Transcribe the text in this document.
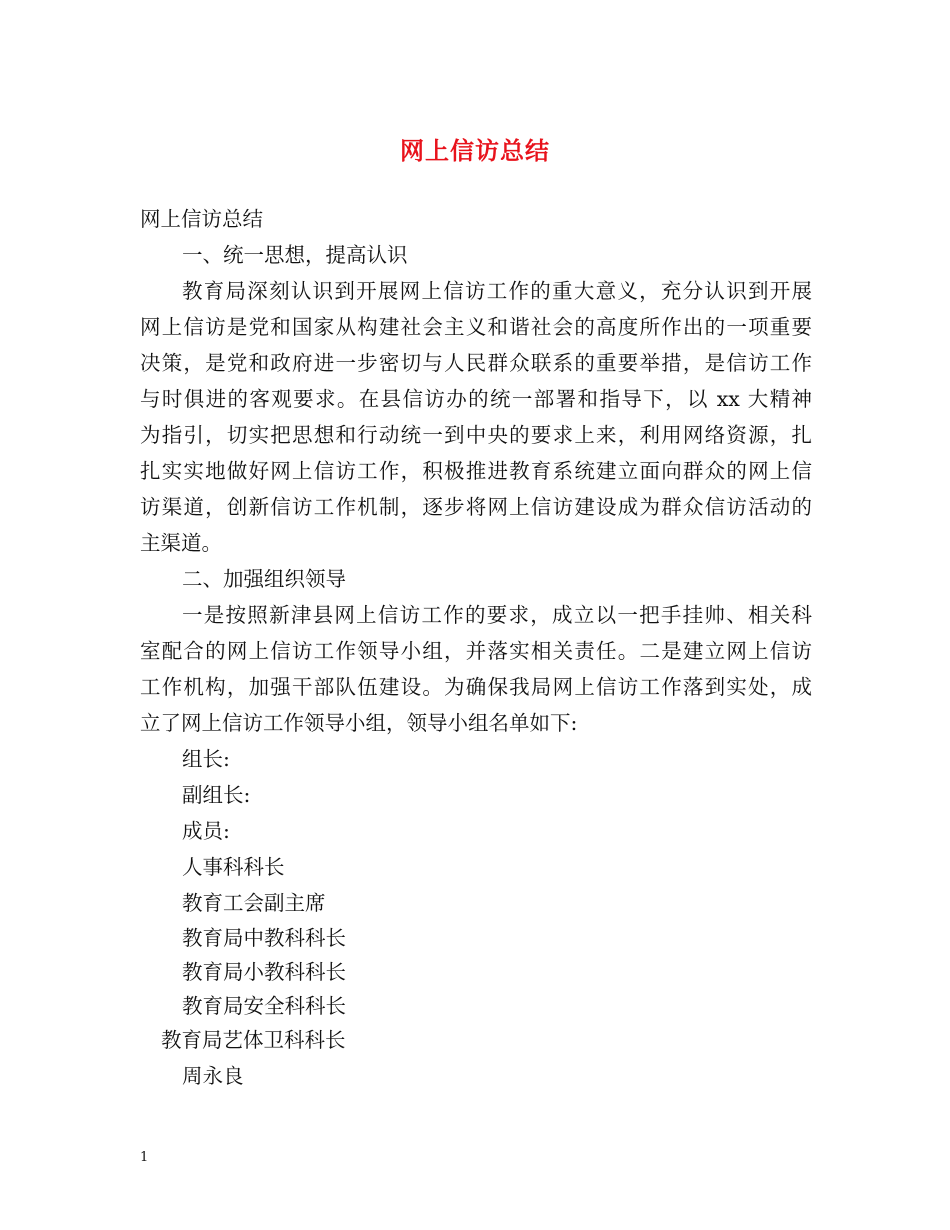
网上信访总结
网上信访总结
一、统一思想，提高认识
教育局深刻认识到开展网上信访工作的重大意义，充分认识到开展
网上信访是党和国家从构建社会主义和谐社会的高度所作出的一项重要
决策，是党和政府进一步密切与人民群众联系的重要举措，是信访工作
与时俱进的客观要求。在县信访办的统一部署和指导下，以 xx 大精神
为指引，切实把思想和行动统一到中央的要求上来，利用网络资源，扎
扎实实地做好网上信访工作，积极推进教育系统建立面向群众的网上信
访渠道，创新信访工作机制，逐步将网上信访建设成为群众信访活动的
主渠道。
二、加强组织领导
一是按照新津县网上信访工作的要求，成立以一把手挂帅、相关科
室配合的网上信访工作领导小组，并落实相关责任。二是建立网上信访
工作机构，加强干部队伍建设。为确保我局网上信访工作落到实处，成
立了网上信访工作领导小组，领导小组名单如下:
组长:
副组长:
成员:
人事科科长
教育工会副主席
教育局中教科科长
教育局小教科科长
教育局安全科科长
教育局艺体卫科科长
周永良
1
